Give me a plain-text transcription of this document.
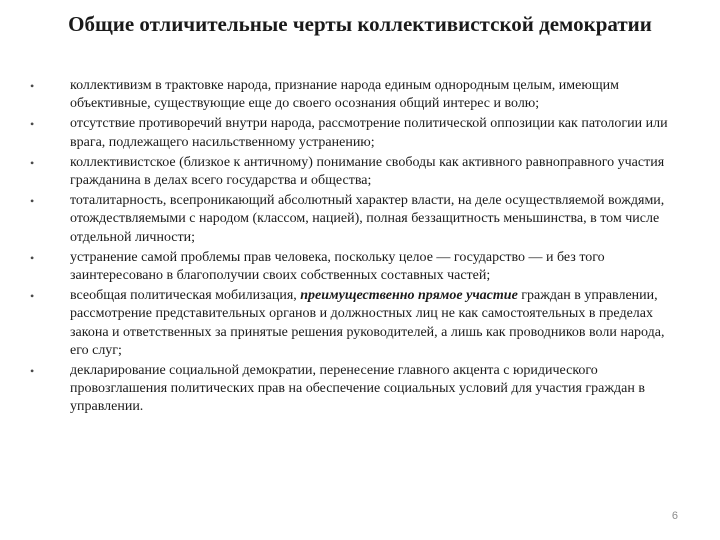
Общие отличительные черты коллективистской демократии
•	коллективизм в трактовке народа, признание народа единым однородным целым, имеющим объективные, существующие еще до своего осознания общий интерес и волю;
•	отсутствие противоречий внутри народа, рассмотрение политической оппозиции как патологии или врага, подлежащего насильственному устранению;
•	коллективистское (близкое к античному) понимание свободы как активного равноправного участия гражданина в делах всего государства и общества;
•	тоталитарность, всепроникающий абсолютный характер власти, на деле осуществляемой вождями, отождествляемыми с народом (классом, нацией), полная беззащитность меньшинства, в том числе отдельной личности;
•	устранение самой проблемы прав человека, поскольку целое — государство — и без того заинтересовано в благополучии своих собственных составных частей;
•	всеобщая политическая мобилизация, преимущественно прямое участие граждан в управлении, рассмотрение представительных органов и должностных лиц не как самостоятельных в пределах закона и ответственных за принятые решения руководителей, а лишь как проводников воли народа, его слуг;
•	декларирование социальной демократии, перенесение главного акцента с юридического провозглашения политических прав на обеспечение социальных условий для участия граждан в управлении.
6
